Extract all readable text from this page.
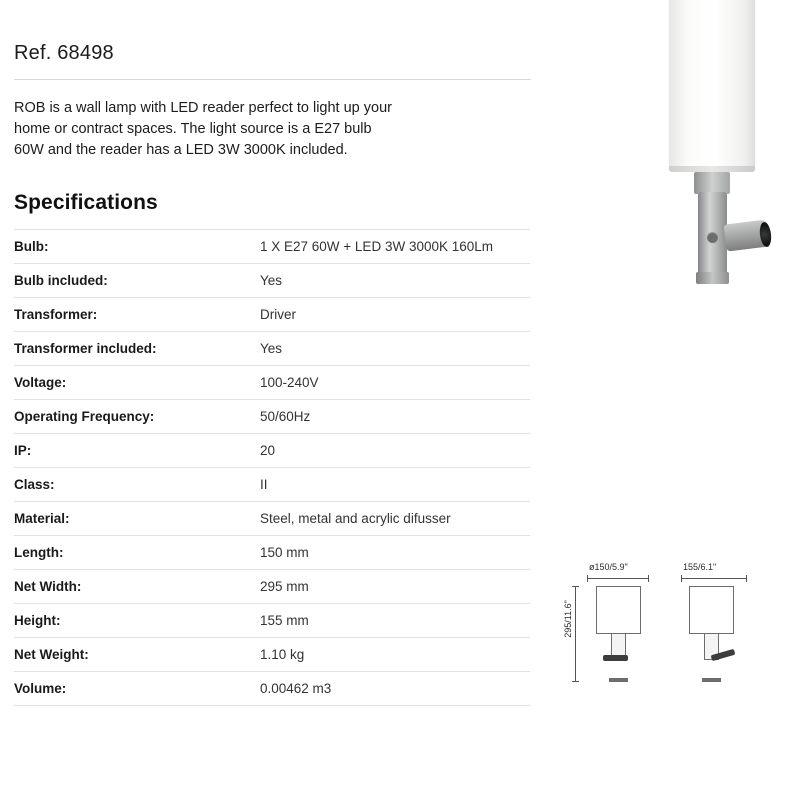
Ref. 68498
ROB is a wall lamp with LED reader perfect to light up your home or contract spaces. The light source is a E27 bulb 60W and the reader has a LED 3W 3000K included.
Specifications
Bulb:	1 X E27 60W + LED 3W 3000K 160Lm
Bulb included:	Yes
Transformer:	Driver
Transformer included:	Yes
Voltage:	100-240V
Operating Frequency:	50/60Hz
IP:	20
Class:	II
Material:	Steel, metal and acrylic difusser
Length:	150 mm
Net Width:	295 mm
Height:	155 mm
Net Weight:	1.10 kg
Volume:	0.00462 m3
ø150/5.9"	155/6.1"
295/11.6"
